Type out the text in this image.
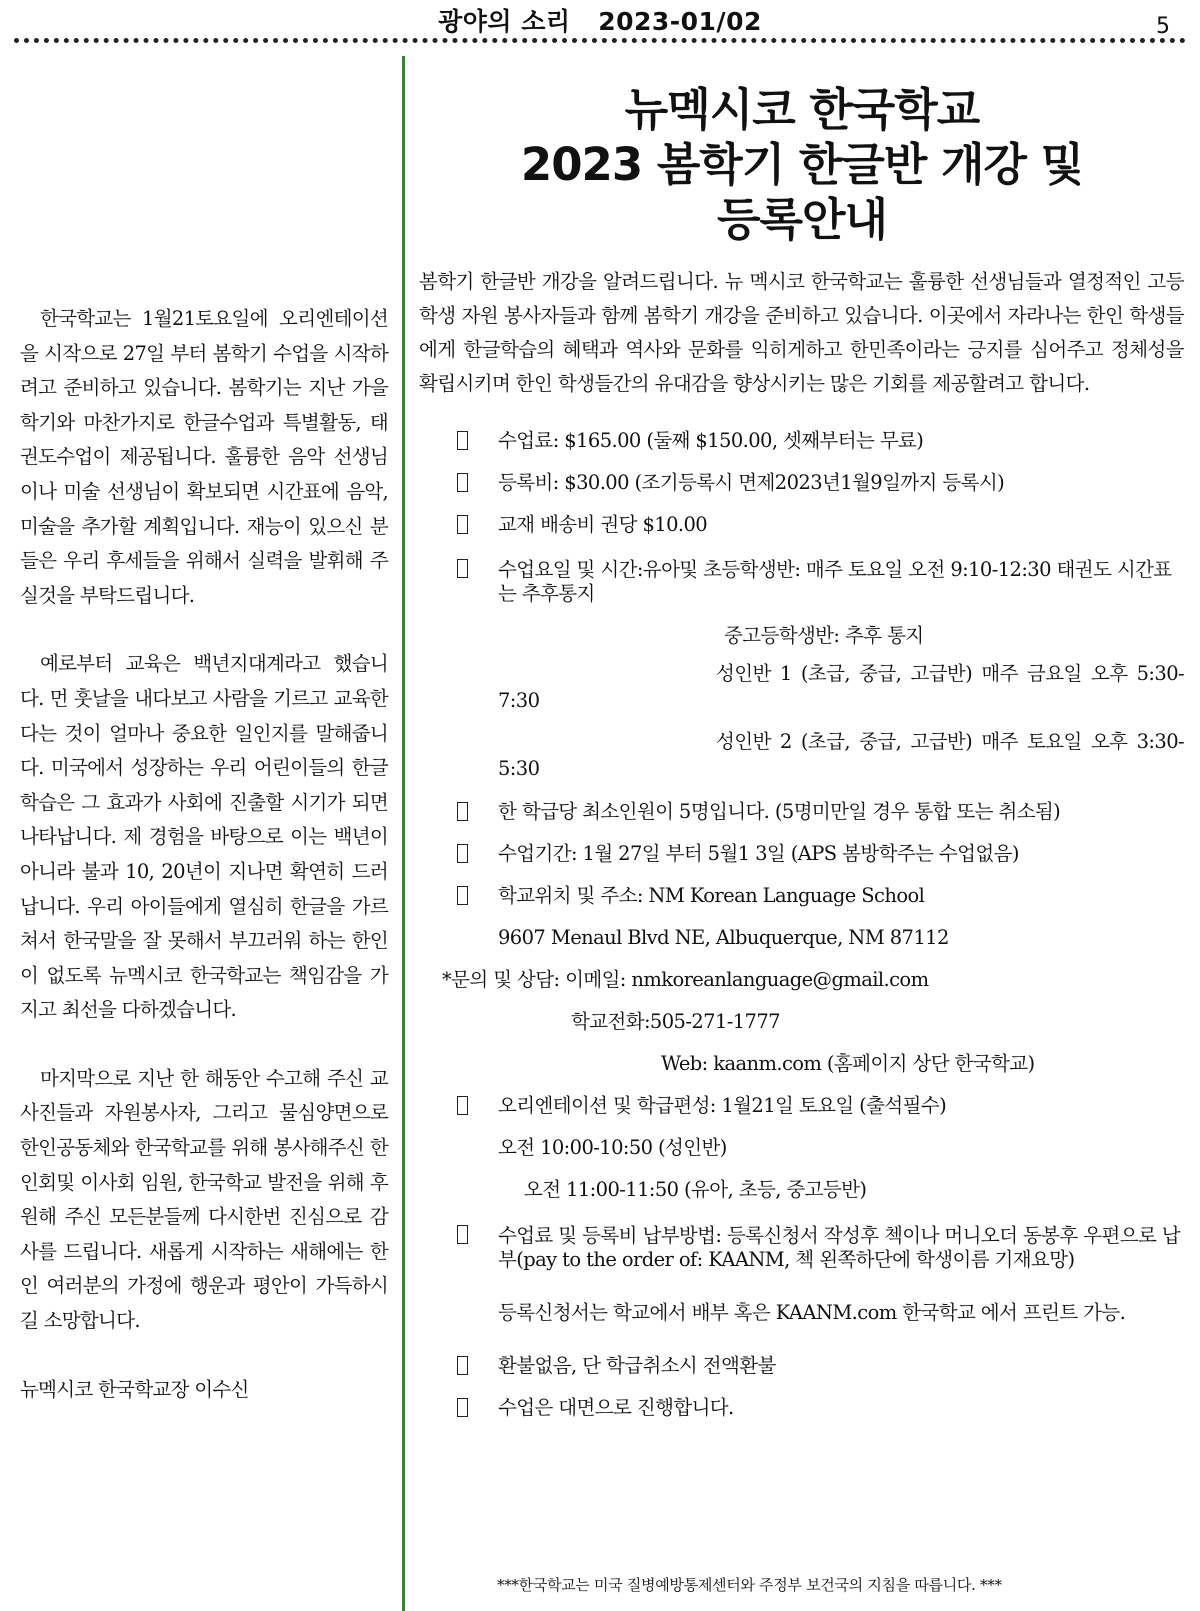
광야의 소리   2023-01/02	5

한국학교는 1월21토요일에 오리엔테이션을 시작으로 27일 부터 봄학기 수업을 시작하려고 준비하고 있습니다. 봄학기는 지난 가을학기와 마찬가지로 한글수업과 특별활동, 태권도수업이 제공됩니다. 훌륭한 음악 선생님이나 미술 선생님이 확보되면 시간표에 음악, 미술을 추가할 계획입니다. 재능이 있으신 분들은 우리 후세들을 위해서 실력을 발휘해 주실것을 부탁드립니다.

예로부터 교육은 백년지대계라고 했습니다. 먼 훗날을 내다보고 사람을 기르고 교육한다는 것이 얼마나 중요한 일인지를 말해줍니다. 미국에서 성장하는 우리 어린이들의 한글 학습은 그 효과가 사회에 진출할 시기가 되면 나타납니다. 제 경험을 바탕으로 이는 백년이 아니라 불과 10, 20년이 지나면 확연히 드러납니다. 우리 아이들에게 열심히 한글을 가르쳐서 한국말을 잘 못해서 부끄러워 하는 한인이 없도록 뉴멕시코 한국학교는 책임감을 가지고 최선을 다하겠습니다.

마지막으로 지난 한 해동안 수고해 주신 교사진들과 자원봉사자, 그리고 물심양면으로 한인공동체와 한국학교를 위해 봉사해주신 한인회및 이사회 임원, 한국학교 발전을 위해 후원해 주신 모든분들께 다시한번 진심으로 감사를 드립니다. 새롭게 시작하는 새해에는 한인 여러분의 가정에 행운과 평안이 가득하시길 소망합니다.

뉴멕시코 한국학교장 이수신

뉴멕시코 한국학교
2023 봄학기 한글반 개강 및
등록안내

봄학기 한글반 개강을 알려드립니다. 뉴 멕시코 한국학교는 훌륭한 선생님들과 열정적인 고등학생 자원 봉사자들과 함께 봄학기 개강을 준비하고 있습니다. 이곳에서 자라나는 한인 학생들에게 한글학습의 혜택과 역사와 문화를 익히게하고 한민족이라는 긍지를 심어주고 정체성을 확립시키며 한인 학생들간의 유대감을 향상시키는 많은 기회를 제공할려고 합니다.

수업료: $165.00 (둘째 $150.00, 셋째부터는 무료)
등록비: $30.00 (조기등록시 면제2023년1월9일까지 등록시)
교재 배송비 권당 $10.00
수업요일 및 시간:유아및 초등학생반: 매주 토요일 오전 9:10-12:30 태권도 시간표는 추후통지
중고등학생반: 추후 통지
성인반 1 (초급, 중급, 고급반) 매주 금요일 오후 5:30-7:30
성인반 2 (초급, 중급, 고급반) 매주 토요일 오후 3:30-5:30
한 학급당 최소인원이 5명입니다. (5명미만일 경우 통합 또는 취소됨)
수업기간: 1월 27일 부터 5월1 3일 (APS 봄방학주는 수업없음)
학교위치 및 주소: NM Korean Language School
9607 Menaul Blvd NE, Albuquerque, NM 87112
*문의 및 상담: 이메일: nmkoreanlanguage@gmail.com
학교전화:505-271-1777
Web: kaanm.com (홈페이지 상단 한국학교)
오리엔테이션 및 학급편성: 1월21일 토요일 (출석필수)
오전 10:00-10:50 (성인반)
오전 11:00-11:50 (유아, 초등, 중고등반)
수업료 및 등록비 납부방법: 등록신청서 작성후 첵이나 머니오더 동봉후 우편으로 납부(pay to the order of: KAANM, 첵 왼쪽하단에 학생이름 기재요망)
등록신청서는 학교에서 배부 혹은 KAANM.com 한국학교 에서 프린트 가능.
환불없음, 단 학급취소시 전액환불
수업은 대면으로 진행합니다.
***한국학교는 미국 질병예방통제센터와 주정부 보건국의 지침을 따릅니다. ***
